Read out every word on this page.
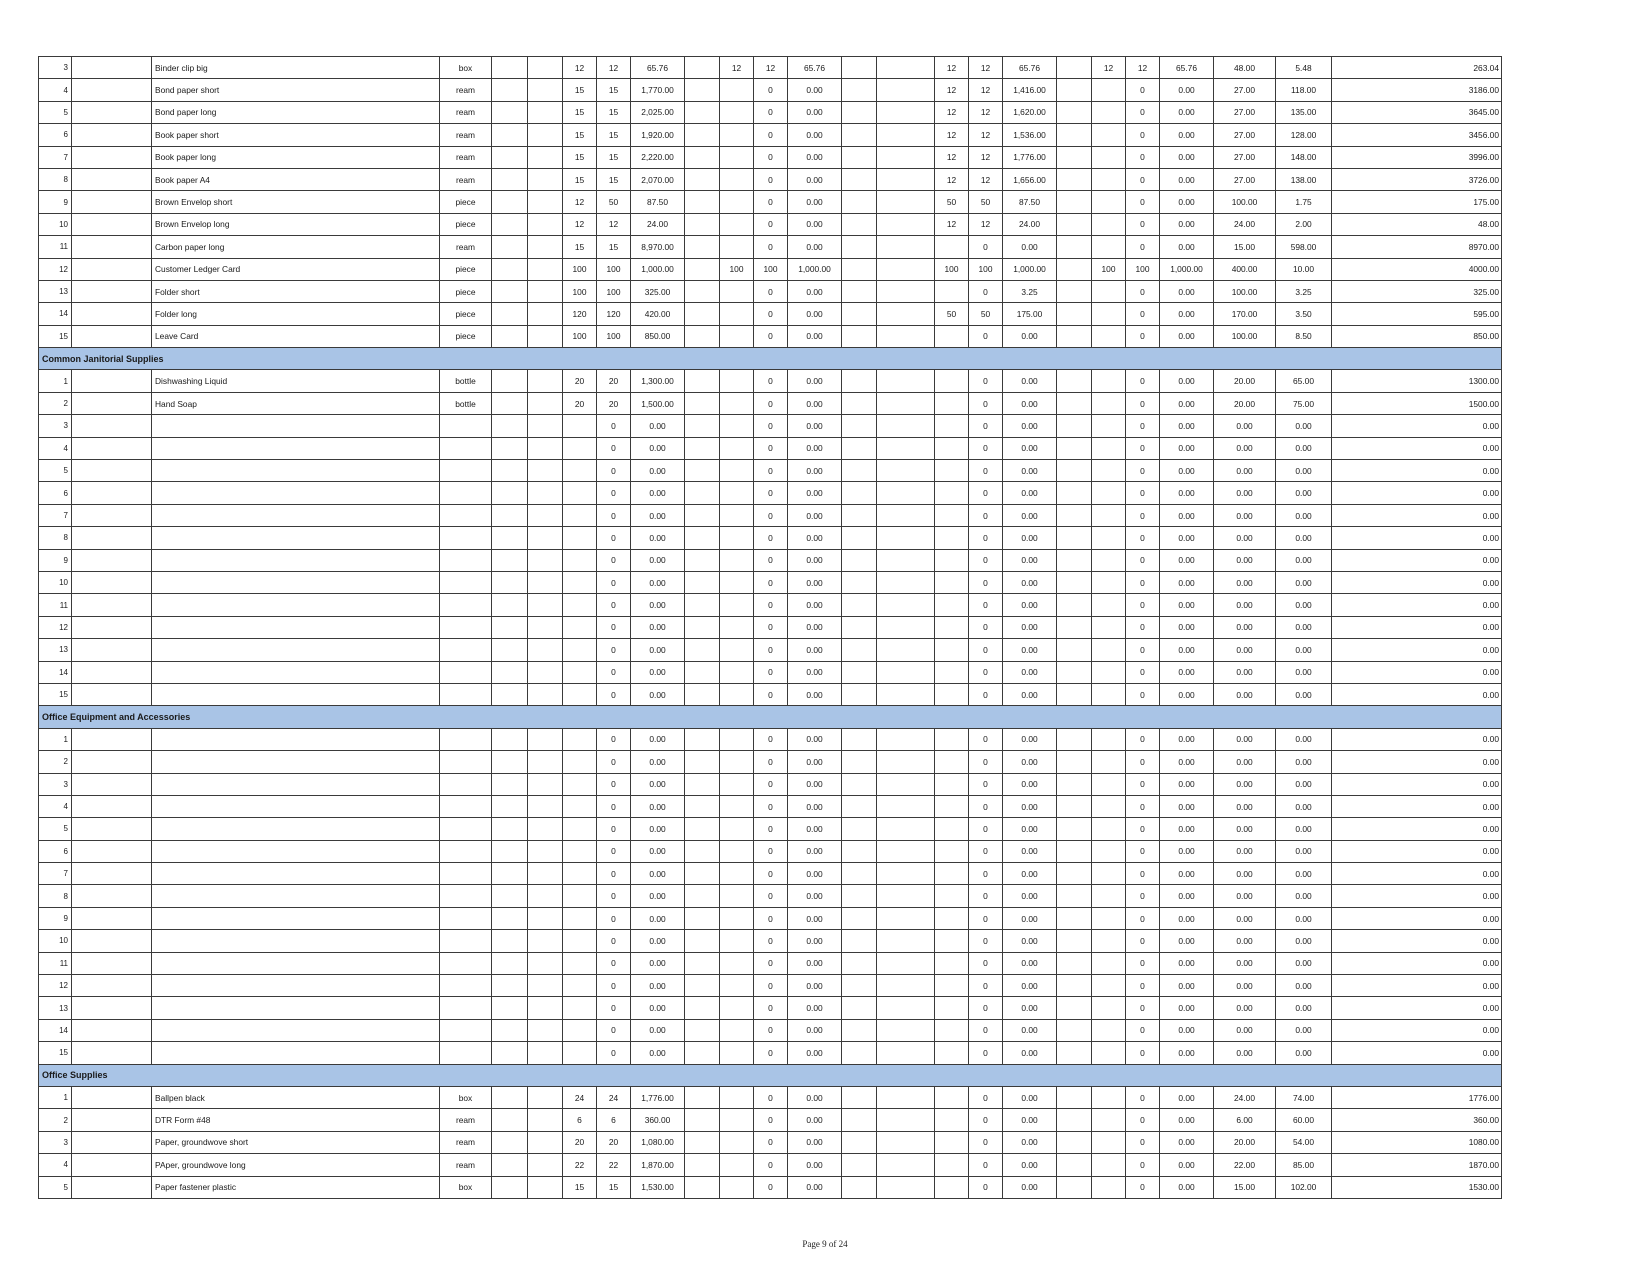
3		Binder clip big	box			12	12	65.76		12	12	65.76			12	12	65.76		12	12	65.76	48.00	5.48	263.04
4		Bond paper short	ream			15	15	1,770.00			0	0.00			12	12	1,416.00			0	0.00	27.00	118.00	3186.00
5		Bond paper long	ream			15	15	2,025.00			0	0.00			12	12	1,620.00			0	0.00	27.00	135.00	3645.00
6		Book paper short	ream			15	15	1,920.00			0	0.00			12	12	1,536.00			0	0.00	27.00	128.00	3456.00
7		Book paper long	ream			15	15	2,220.00			0	0.00			12	12	1,776.00			0	0.00	27.00	148.00	3996.00
8		Book paper A4	ream			15	15	2,070.00			0	0.00			12	12	1,656.00			0	0.00	27.00	138.00	3726.00
9		Brown Envelop short	piece			12	50	87.50			0	0.00			50	50	87.50			0	0.00	100.00	1.75	175.00
10		Brown Envelop long	piece			12	12	24.00			0	0.00			12	12	24.00			0	0.00	24.00	2.00	48.00
11		Carbon paper long	ream			15	15	8,970.00			0	0.00				0	0.00			0	0.00	15.00	598.00	8970.00
12		Customer Ledger Card	piece			100	100	1,000.00		100	100	1,000.00			100	100	1,000.00		100	100	1,000.00	400.00	10.00	4000.00
13		Folder short	piece			100	100	325.00			0	0.00				0	3.25			0	0.00	100.00	3.25	325.00
14		Folder long	piece			120	120	420.00			0	0.00			50	50	175.00			0	0.00	170.00	3.50	595.00
15		Leave Card	piece			100	100	850.00			0	0.00				0	0.00			0	0.00	100.00	8.50	850.00
Common Janitorial Supplies																								
1		Dishwashing Liquid	bottle			20	20	1,300.00			0	0.00				0	0.00			0	0.00	20.00	65.00	1300.00
2		Hand Soap	bottle			20	20	1,500.00			0	0.00				0	0.00			0	0.00	20.00	75.00	1500.00
3							0	0.00			0	0.00				0	0.00			0	0.00	0.00	0.00	0.00
4							0	0.00			0	0.00				0	0.00			0	0.00	0.00	0.00	0.00
5							0	0.00			0	0.00				0	0.00			0	0.00	0.00	0.00	0.00
6							0	0.00			0	0.00				0	0.00			0	0.00	0.00	0.00	0.00
7							0	0.00			0	0.00				0	0.00			0	0.00	0.00	0.00	0.00
8							0	0.00			0	0.00				0	0.00			0	0.00	0.00	0.00	0.00
9							0	0.00			0	0.00				0	0.00			0	0.00	0.00	0.00	0.00
10							0	0.00			0	0.00				0	0.00			0	0.00	0.00	0.00	0.00
11							0	0.00			0	0.00				0	0.00			0	0.00	0.00	0.00	0.00
12							0	0.00			0	0.00				0	0.00			0	0.00	0.00	0.00	0.00
13							0	0.00			0	0.00				0	0.00			0	0.00	0.00	0.00	0.00
14							0	0.00			0	0.00				0	0.00			0	0.00	0.00	0.00	0.00
15							0	0.00			0	0.00				0	0.00			0	0.00	0.00	0.00	0.00
Office Equipment and Accessories																								
1							0	0.00			0	0.00				0	0.00			0	0.00	0.00	0.00	0.00
2							0	0.00			0	0.00				0	0.00			0	0.00	0.00	0.00	0.00
3							0	0.00			0	0.00				0	0.00			0	0.00	0.00	0.00	0.00
4							0	0.00			0	0.00				0	0.00			0	0.00	0.00	0.00	0.00
5							0	0.00			0	0.00				0	0.00			0	0.00	0.00	0.00	0.00
6							0	0.00			0	0.00				0	0.00			0	0.00	0.00	0.00	0.00
7							0	0.00			0	0.00				0	0.00			0	0.00	0.00	0.00	0.00
8							0	0.00			0	0.00				0	0.00			0	0.00	0.00	0.00	0.00
9							0	0.00			0	0.00				0	0.00			0	0.00	0.00	0.00	0.00
10							0	0.00			0	0.00				0	0.00			0	0.00	0.00	0.00	0.00
11							0	0.00			0	0.00				0	0.00			0	0.00	0.00	0.00	0.00
12							0	0.00			0	0.00				0	0.00			0	0.00	0.00	0.00	0.00
13							0	0.00			0	0.00				0	0.00			0	0.00	0.00	0.00	0.00
14							0	0.00			0	0.00				0	0.00			0	0.00	0.00	0.00	0.00
15							0	0.00			0	0.00				0	0.00			0	0.00	0.00	0.00	0.00
Office Supplies																								
1		Ballpen black	box			24	24	1,776.00			0	0.00				0	0.00			0	0.00	24.00	74.00	1776.00
2		DTR Form #48	ream			6	6	360.00			0	0.00				0	0.00			0	0.00	6.00	60.00	360.00
3		Paper, groundwove short	ream			20	20	1,080.00			0	0.00				0	0.00			0	0.00	20.00	54.00	1080.00
4		PAper, groundwove long	ream			22	22	1,870.00			0	0.00				0	0.00			0	0.00	22.00	85.00	1870.00
5		Paper fastener plastic	box			15	15	1,530.00			0	0.00				0	0.00			0	0.00	15.00	102.00	1530.00
Page 9 of 24
